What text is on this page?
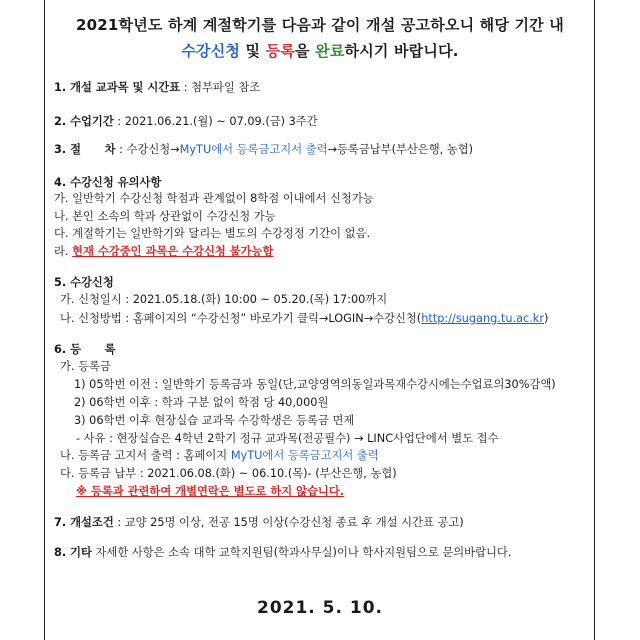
2021학년도 하계 계절학기를 다음과 같이 개설 공고하오니 해당 기간 내
수강신청 및 등록을 완료하시기 바랍니다.
1. 개설 교과목 및 시간표 : 첨부파일 참조
2. 수업기간 : 2021.06.21.(월) ~ 07.09.(금) 3주간
3. 절      차 : 수강신청→MyTU에서 등록금고지서 출력→등록금납부(부산은행, 농협)
4. 수강신청 유의사항
가. 일반학기 수강신청 학점과 관계없이 8학점 이내에서 신청가능
나. 본인 소속의 학과 상관없이 수강신청 가능
다. 계절학기는 일반학기와 달리는 별도의 수강정정 기간이 없음.
라. 현재 수강중인 과목은 수강신청 불가능함
5. 수강신청
가. 신청일시 : 2021.05.18.(화) 10:00 ~ 05.20.(목) 17:00까지
나. 신청방법 : 홈페이지의 “수강신청” 바로가기 클릭→LOGIN→수강신청(http://sugang.tu.ac.kr)
6. 등      록
가. 등록금
1) 05학번 이전 : 일반학기 등록금과 동일(단,교양영역의동일과목재수강시에는수업료의30%감액)
2) 06학번 이후 : 학과 구분 없이 학점 당 40,000원
3) 06학번 이후 현장실습 교과목 수강학생은 등록금 면제
- 사유 : 현장실습은 4학년 2학기 정규 교과목(전공필수) → LINC사업단에서 별도 접수
나. 등록금 고지서 출력 : 홈페이지 MyTU에서 등록금고지서 출력
다. 등록금 납부 : 2021.06.08.(화) ~ 06.10.(목)- (부산은행, 농협)
※ 등록과 관련하여 개별연락은 별도로 하지 않습니다.
7. 개설조건 : 교양 25명 이상, 전공 15명 이상(수강신청 종료 후 개설 시간표 공고)
8. 기타 자세한 사항은 소속 대학 교학지원팀(학과사무실)이나 학사지원팀으로 문의바랍니다.
2021. 5. 10.
